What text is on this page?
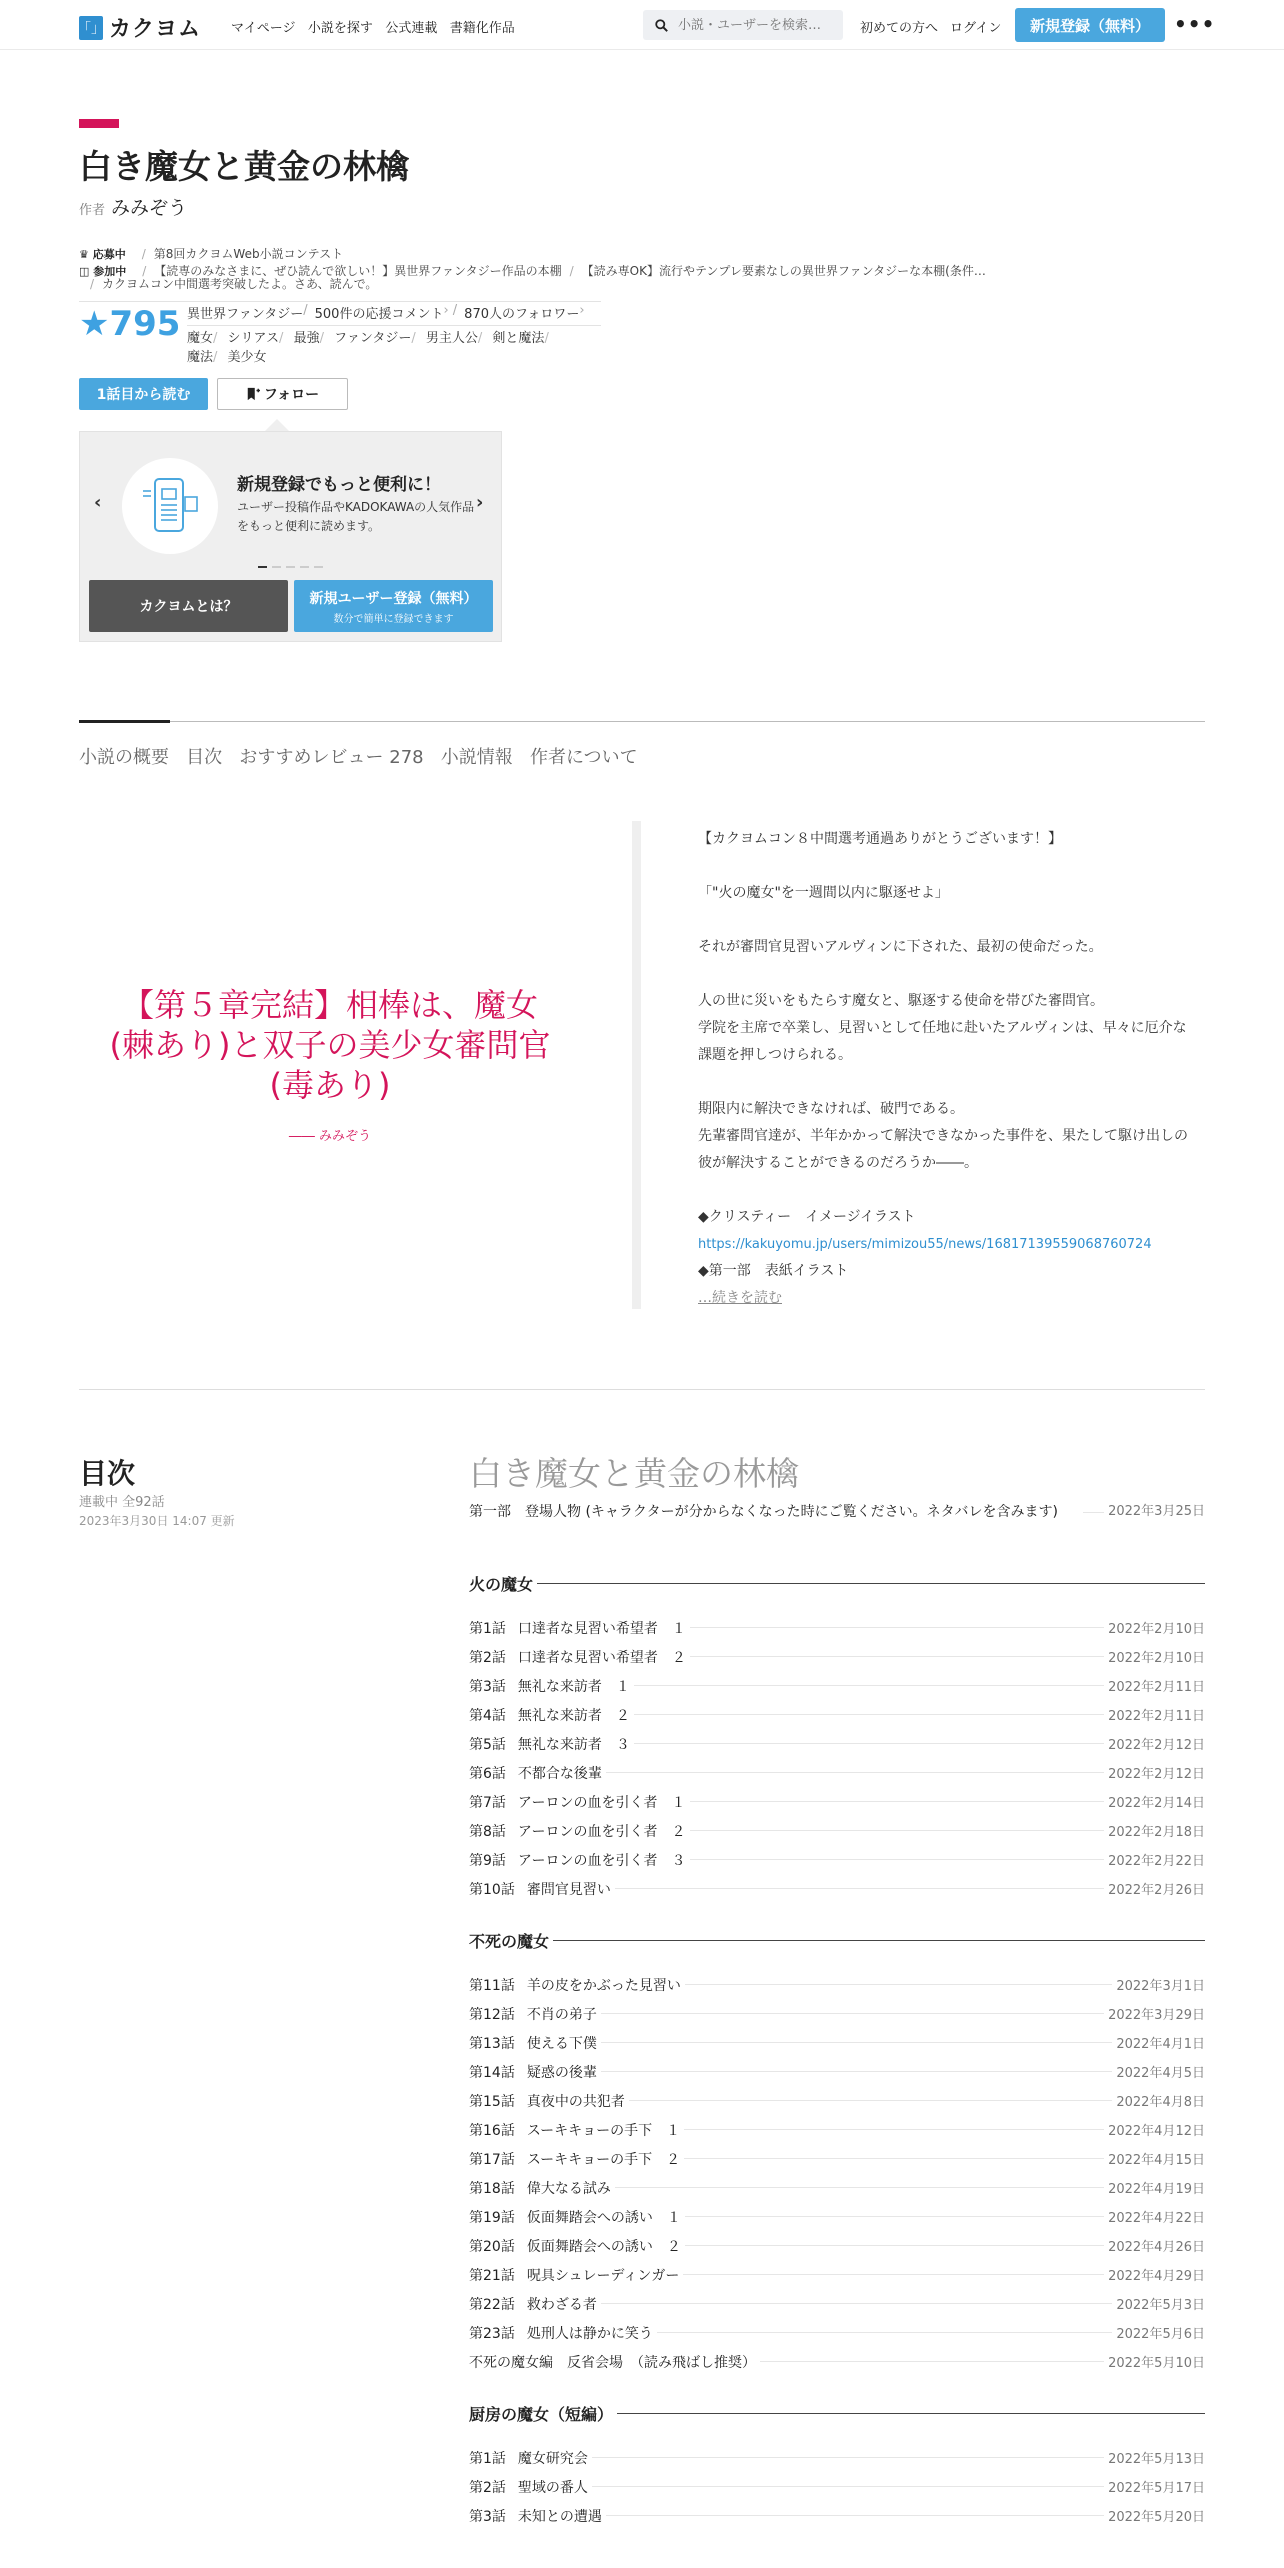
「」 カクヨム マイページ
小説を探す
公式連載
書籍化作品
小説・ユーザーを検索…	初めての方へ ログイン	新規登録（無料）	•••
白き魔女と黄金の林檎
作者 みみぞう
♛ 応募中 / 第8回カクヨムWeb小説コンテスト
◫ 参加中 / 【読専のみなさまに、ぜひ読んで欲しい！】異世界ファンタジー作品の本棚 / 【読み専OK】流行やテンプレ要素なしの異世界ファンタジーな本棚(条件…
/ カクヨムコン中間選考突破したよ。さあ、読んで。
★795 異世界ファンタジー / 500件の応援コメント › / 870人のフォロワー ›
魔女/ シリアス/ 最強/ ファンタジー/ 男主人公/ 剣と魔法/
魔法/ 美少女
1話目から読む	フォロー
‹	›
新規登録でもっと便利に！
ユーザー投稿作品やKADOKAWAの人気作品をもっと便利に読めます。
カクヨムとは？
新規ユーザー登録（無料）
数分で簡単に登録できます
小説の概要
目次
おすすめレビュー 278
小説情報
作者について
【第５章完結】相棒は、魔女(棘あり)と双子の美少女審問官(毒あり)
―― みみぞう

【カクヨムコン８中間選考通過ありがとうございます！】

「"火の魔女"を一週間以内に駆逐せよ」

それが審問官見習いアルヴィンに下された、最初の使命だった。

人の世に災いをもたらす魔女と、駆逐する使命を帯びた審問官。
学院を主席で卒業し、見習いとして任地に赴いたアルヴィンは、早々に厄介な課題を押しつけられる。

期限内に解決できなければ、破門である。
先輩審問官達が、半年かかって解決できなかった事件を、果たして駆け出しの彼が解決することができるのだろうか――。

◆クリスティー　イメージイラスト

https://kakuyomu.jp/users/mimizou55/news/16817139559068760724

◆第一部　表紙イラスト

…続きを読む

目次
連載中 全92話
2023年3月30日 14:07 更新
白き魔女と黄金の林檎
第一部　登場人物 (キャラクターが分からなくなった時にご覧ください。ネタバレを含みます)	2022年3月25日
火の魔女
第1話 口達者な見習い希望者　１	2022年2月10日
第2話 口達者な見習い希望者　２	2022年2月10日
第3話 無礼な来訪者　１	2022年2月11日
第4話 無礼な来訪者　２	2022年2月11日
第5話 無礼な来訪者　３	2022年2月12日
第6話 不都合な後輩	2022年2月12日
第7話 アーロンの血を引く者　１	2022年2月14日
第8話 アーロンの血を引く者　２	2022年2月18日
第9話 アーロンの血を引く者　３	2022年2月22日
第10話 審問官見習い	2022年2月26日
不死の魔女
第11話 羊の皮をかぶった見習い	2022年3月1日
第12話 不肖の弟子	2022年3月29日
第13話 使える下僕	2022年4月1日
第14話 疑惑の後輩	2022年4月5日
第15話 真夜中の共犯者	2022年4月8日
第16話 スーキキョーの手下　１	2022年4月12日
第17話 スーキキョーの手下　２	2022年4月15日
第18話 偉大なる試み	2022年4月19日
第19話 仮面舞踏会への誘い　１	2022年4月22日
第20話 仮面舞踏会への誘い　２	2022年4月26日
第21話 呪具シュレーディンガー	2022年4月29日
第22話 救わざる者	2022年5月3日
第23話 処刑人は静かに笑う	2022年5月6日
不死の魔女編　反省会場　（読み飛ばし推奨）	2022年5月10日
厨房の魔女（短編）
第1話 魔女研究会	2022年5月13日
第2話 聖域の番人	2022年5月17日
第3話 未知との遭遇	2022年5月20日
